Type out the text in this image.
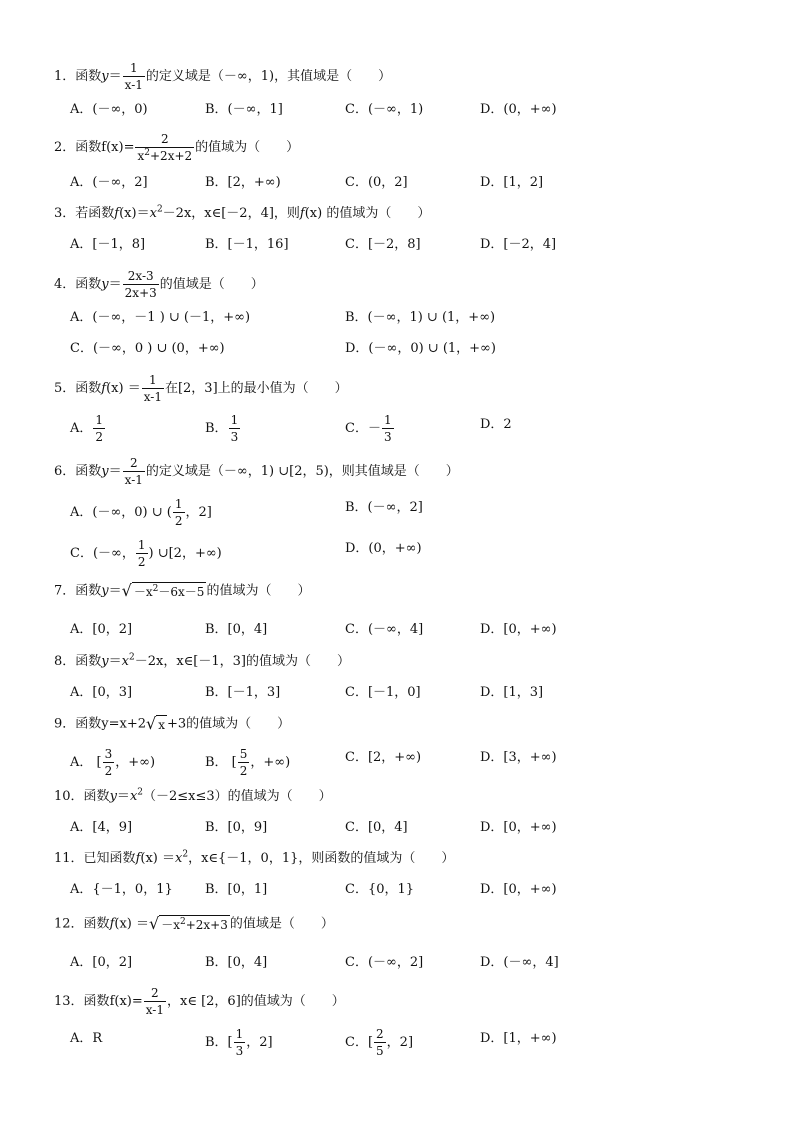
1．函数$y= \frac{1}{x-1}$ 的定义域是（－∞，1)，其值域是（　　）
A．(－∞，0)	B．(－∞，1]	C．(－∞，1)	D．(0，+∞)
2．函数$f(x)= \frac{2}{x^2+2x+2}$ 的值域为（　　）
A．(－∞，2]	B．[2，+∞)	C．(0，2]	D．[1，2]
3．若函数$f(x)=x^2-2x$，x∈[－2，4]，则f(x) 的值域为（　　）
A．[－1，8]	B．[－1，16]	C．[－2，8]	D．[－2，4]
4．函数$y= \frac{2x-3}{2x+3}$ 的值域是（　　）
A．(－∞，－1 ) ∪ (－1，+∞)	B．(－∞，1) ∪ (1，+∞)
C．(－∞，0 ) ∪ (0，+∞)	D．(－∞，0) ∪ (1，+∞)
5．函数$f(x) = \frac{1}{x-1}$ 在[2，3]上的最小值为（　　）
A． $\frac{1}{2}$	B． $\frac{1}{3}$	C．－ $\frac{1}{3}$	D．2
6．函数$y= \frac{2}{x-1}$ 的定义域是（－∞，1) ∪[2，5)，则其值域是（　　）
A．(－∞，0) ∪ ( $\frac{1}{2}$ ，2]	B．(－∞，2]
C．(－∞， $\frac{1}{2}$ ) ∪[2，+∞)	D．(0，+∞)
7．函数y＝ √ $-x^2-6x-5$ 的值域为（　　）
A．[0，2]	B．[0，4]	C．(－∞，4]	D．[0，+∞)
8．函数$y=x^2-2x$，x∈[－1，3]的值域为（　　）
A．[0，3]	B．[－1，3]	C．[－1，0]	D．[1，3]
9．函数y=x+2 √ x +3的值域为（　　）
A． [ $\frac{3}{2}$ ，+∞)	B． [ $\frac{5}{2}$ ，+∞)	C．[2，+∞)	D．[3，+∞)
10．函数$y=x^2(-2\le x\le 3)$的值域为（　　）
A．[4，9]	B．[0，9]	C．[0，4]	D．[0，+∞)
11．已知函数$f(x) =x^2$，x∈{－1，0，1}，则函数的值域为（　　）
A．{－1，0，1} B．[0，1]	C．{0，1}	D．[0，+∞)
12．函数f(x) ＝ √ $-x^2+2x+3$ 的值域是（　　）
A．[0，2]	B．[0，4]	C．(－∞，2]	D．(－∞，4]
13．函数$f(x)= \frac{2}{x-1}$ ，x∈ [2，6]的值域为（　　）
A．R	B．[ $\frac{1}{3}$ ，2]	C．[ $\frac{2}{5}$ ，2]	D．[1，+∞)
